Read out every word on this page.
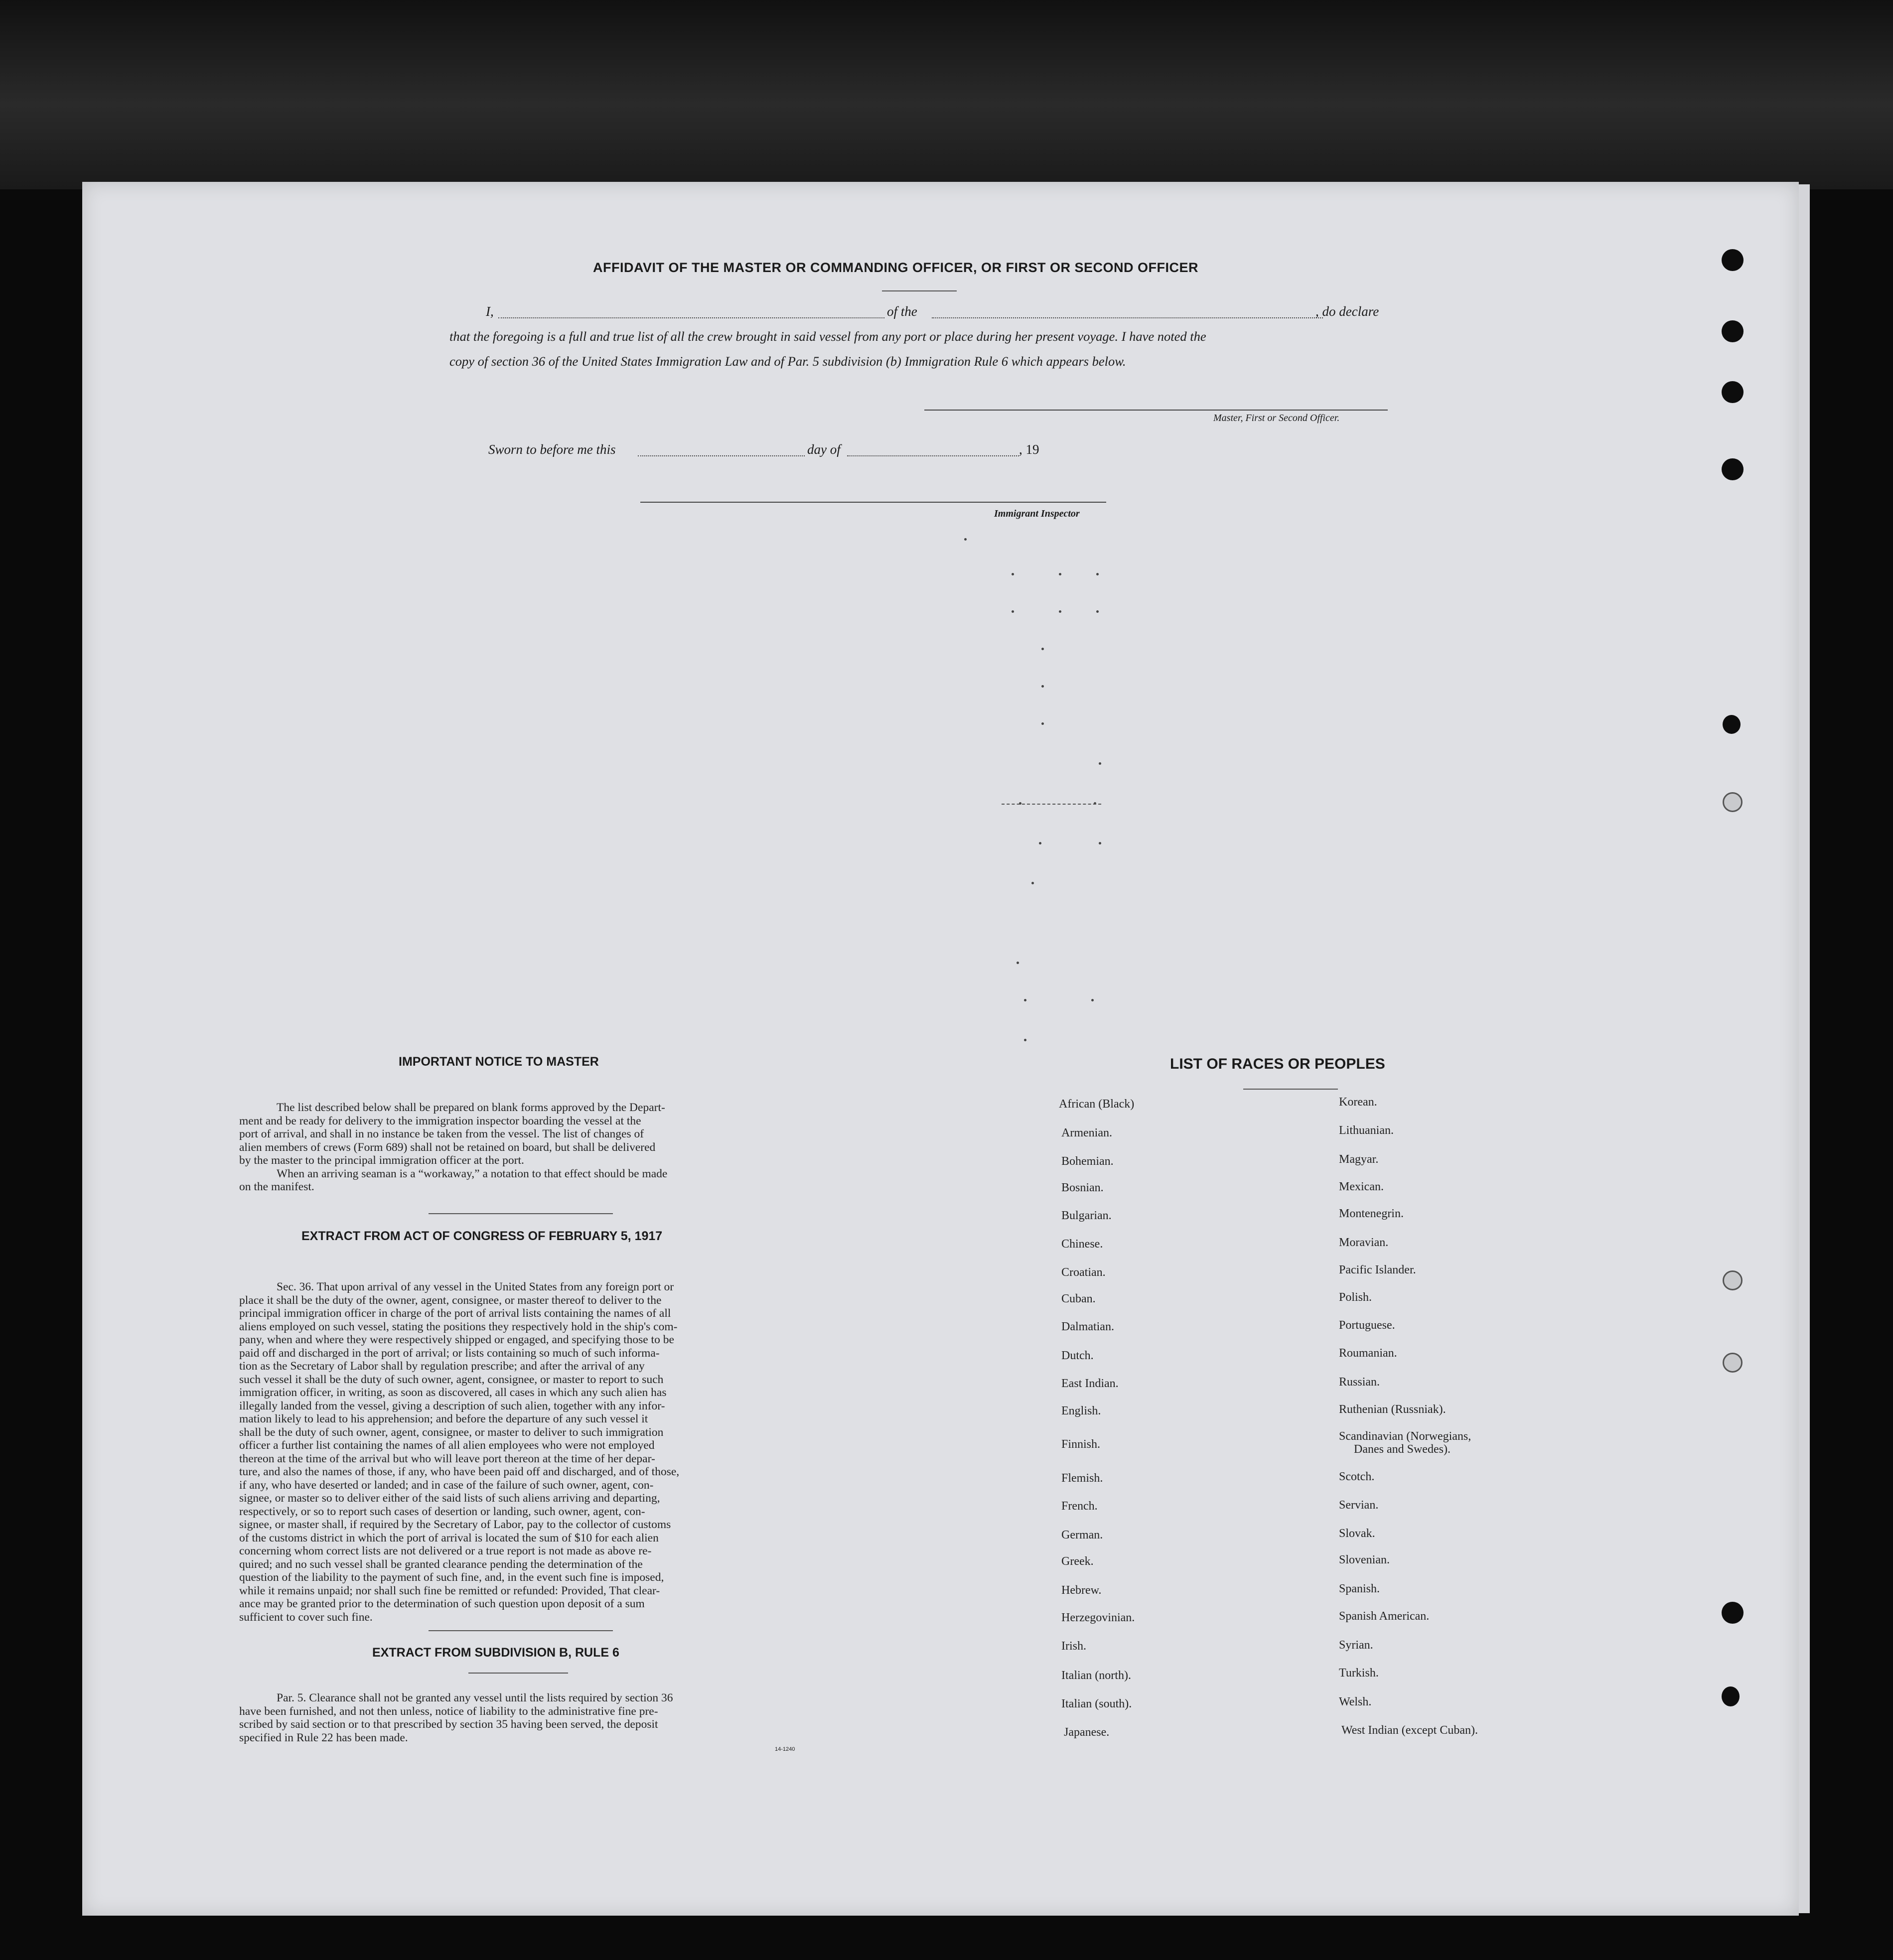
AFFIDAVIT OF THE MASTER OR COMMANDING OFFICER, OR FIRST OR SECOND OFFICER
I,	of the	, do declare
that the foregoing is a full and true list of all the crew brought in said vessel from any port or place during her present voyage. I have noted the
copy of section 36 of the United States Immigration Law and of Par. 5 subdivision (b) Immigration Rule 6 which appears below.
Master, First or Second Officer.
Sworn to before me this	day of	, 19
Immigrant Inspector
IMPORTANT NOTICE TO MASTER
The list described below shall be prepared on blank forms approved by the Depart-
ment and be ready for delivery to the immigration inspector boarding the vessel at the
port of arrival, and shall in no instance be taken from the vessel. The list of changes of
alien members of crews (Form 689) shall not be retained on board, but shall be delivered
by the master to the principal immigration officer at the port.
When an arriving seaman is a “workaway,” a notation to that effect should be made
on the manifest.
EXTRACT FROM ACT OF CONGRESS OF FEBRUARY 5, 1917
Sec. 36. That upon arrival of any vessel in the United States from any foreign port or
place it shall be the duty of the owner, agent, consignee, or master thereof to deliver to the
principal immigration officer in charge of the port of arrival lists containing the names of all
aliens employed on such vessel, stating the positions they respectively hold in the ship's com-
pany, when and where they were respectively shipped or engaged, and specifying those to be
paid off and discharged in the port of arrival; or lists containing so much of such informa-
tion as the Secretary of Labor shall by regulation prescribe; and after the arrival of any
such vessel it shall be the duty of such owner, agent, consignee, or master to report to such
immigration officer, in writing, as soon as discovered, all cases in which any such alien has
illegally landed from the vessel, giving a description of such alien, together with any infor-
mation likely to lead to his apprehension; and before the departure of any such vessel it
shall be the duty of such owner, agent, consignee, or master to deliver to such immigration
officer a further list containing the names of all alien employees who were not employed
thereon at the time of the arrival but who will leave port thereon at the time of her depar-
ture, and also the names of those, if any, who have been paid off and discharged, and of those,
if any, who have deserted or landed; and in case of the failure of such owner, agent, con-
signee, or master so to deliver either of the said lists of such aliens arriving and departing,
respectively, or so to report such cases of desertion or landing, such owner, agent, con-
signee, or master shall, if required by the Secretary of Labor, pay to the collector of customs
of the customs district in which the port of arrival is located the sum of $10 for each alien
concerning whom correct lists are not delivered or a true report is not made as above re-
quired; and no such vessel shall be granted clearance pending the determination of the
question of the liability to the payment of such fine, and, in the event such fine is imposed,
while it remains unpaid; nor shall such fine be remitted or refunded: Provided, That clear-
ance may be granted prior to the determination of such question upon deposit of a sum
sufficient to cover such fine.
EXTRACT FROM SUBDIVISION B, RULE 6
Par. 5. Clearance shall not be granted any vessel until the lists required by section 36
have been furnished, and not then unless, notice of liability to the administrative fine pre-
scribed by said section or to that prescribed by section 35 having been served, the deposit
specified in Rule 22 has been made.
14-1240
LIST OF RACES OR PEOPLES
African (Black)
Armenian.
Bohemian.
Bosnian.
Bulgarian.
Chinese.
Croatian.
Cuban.
Dalmatian.
Dutch.
East Indian.
English.
Finnish.
Flemish.
French.
German.
Greek.
Hebrew.
Herzegovinian.
Irish.
Italian (north).
Italian (south).
Japanese.
Korean.
Lithuanian.
Magyar.
Mexican.
Montenegrin.
Moravian.
Pacific Islander.
Polish.
Portuguese.
Roumanian.
Russian.
Ruthenian (Russniak).
Scandinavian (Norwegians,
Danes and Swedes).
Scotch.
Servian.
Slovak.
Slovenian.
Spanish.
Spanish American.
Syrian.
Turkish.
Welsh.
West Indian (except Cuban).
